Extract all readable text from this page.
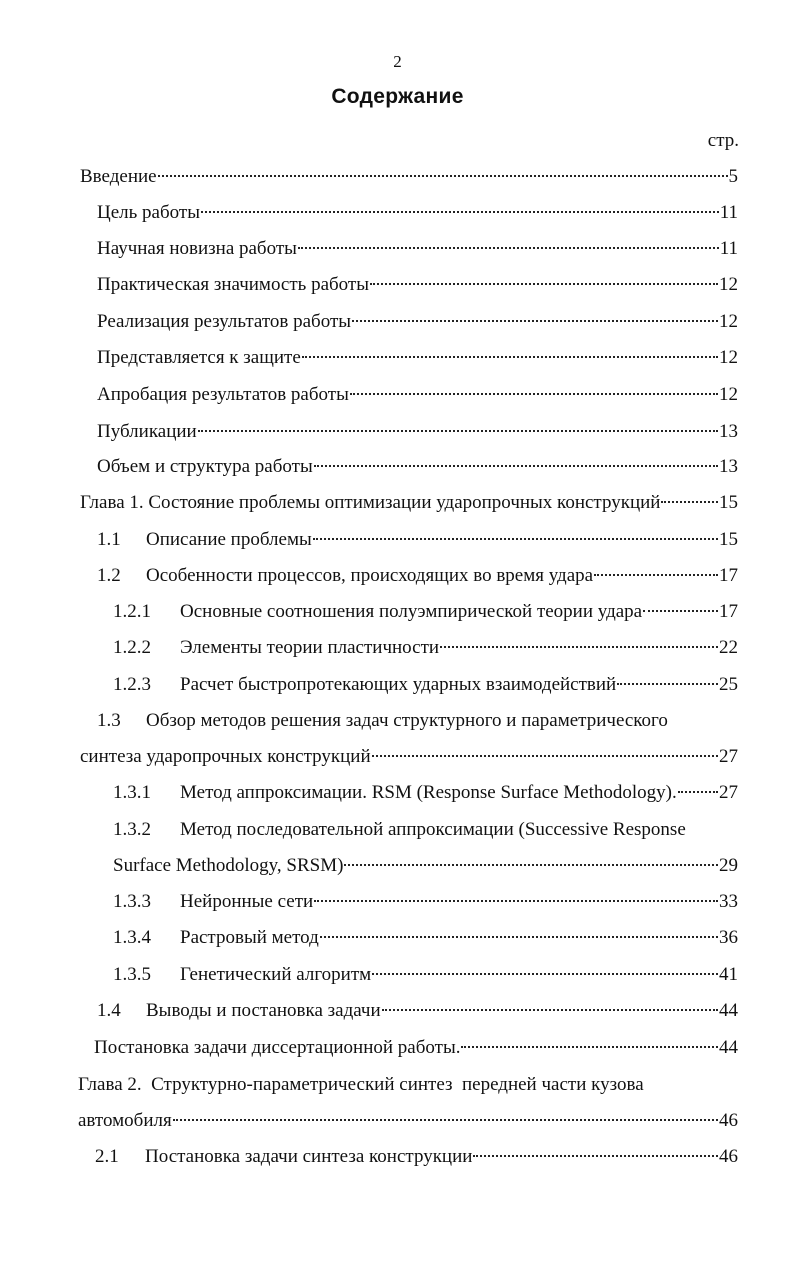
2
Содержание
стр.
Введение	5
Цель работы	11
Научная новизна работы	11
Практическая значимость работы	12
Реализация результатов работы	12
Представляется к защите	12
Апробация результатов работы	12
Публикации	13
Объем и структура работы	13
Глава 1. Состояние проблемы оптимизации ударопрочных конструкций	15
1.1	Описание проблемы	15
1.2	Особенности процессов, происходящих во время удара	17
1.2.1	Основные соотношения полуэмпирической теории удара	17
1.2.2	Элементы теории пластичности	22
1.2.3	Расчет быстропротекающих ударных взаимодействий	25
1.3 Обзор методов решения задач структурного и параметрического
синтеза ударопрочных конструкций	27
1.3.1	Метод аппроксимации. RSM (Response Surface Methodology). 27
1.3.2 Метод последовательной аппроксимации (Successive Response
Surface Methodology, SRSM)	29
1.3.3	Нейронные сети	33
1.3.4	Растровый метод	36
1.3.5	Генетический алгоритм	41
1.4	Выводы и постановка задачи	44
Постановка задачи диссертационной работы.	44
Глава 2.  Структурно-параметрический синтез  передней части кузова
автомобиля	46
2.1	Постановка задачи синтеза конструкции	46
